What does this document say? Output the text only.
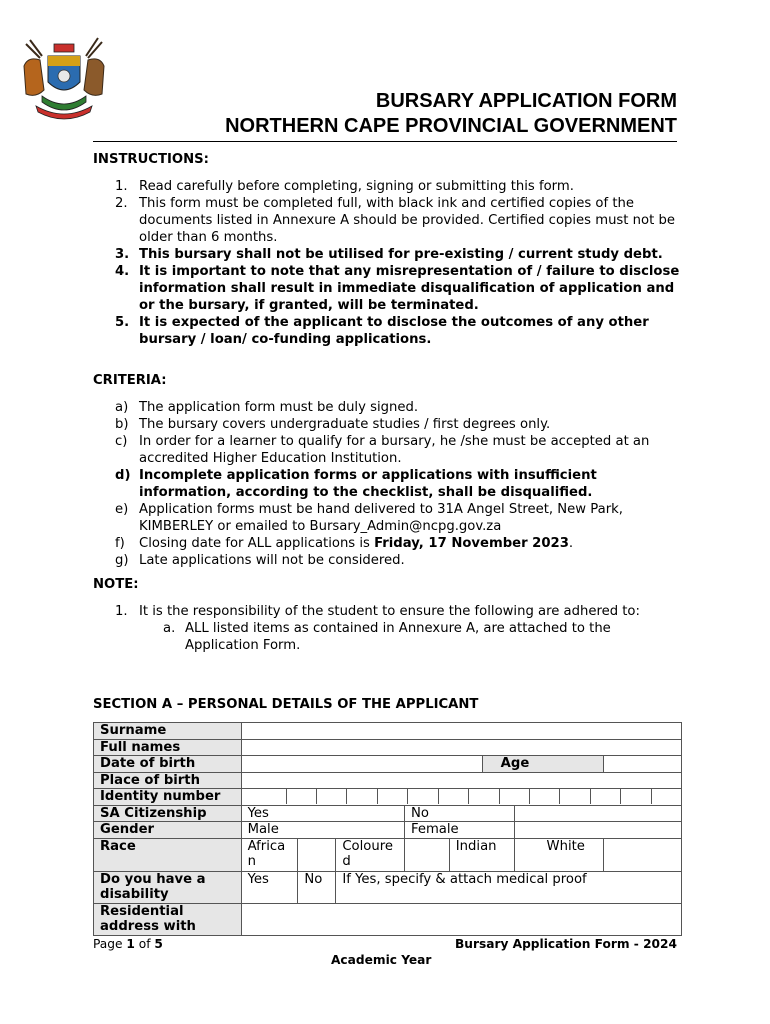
BURSARY APPLICATION FORM
NORTHERN CAPE PROVINCIAL GOVERNMENT
INSTRUCTIONS:
1. Read carefully before completing, signing or submitting this form.
2. This form must be completed full, with black ink and certified copies of the documents listed in Annexure A should be provided. Certified copies must not be older than 6 months.
3. This bursary shall not be utilised for pre-existing / current study debt.
4. It is important to note that any misrepresentation of / failure to disclose information shall result in immediate disqualification of application and or the bursary, if granted, will be terminated.
5. It is expected of the applicant to disclose the outcomes of any other bursary / loan/ co-funding applications.
CRITERIA:
a) The application form must be duly signed.
b) The bursary covers undergraduate studies / first degrees only.
c) In order for a learner to qualify for a bursary, he /she must be accepted at an accredited Higher Education Institution.
d) Incomplete application forms or applications with insufficient information, according to the checklist, shall be disqualified.
e) Application forms must be hand delivered to 31A Angel Street, New Park, KIMBERLEY or emailed to Bursary_Admin@ncpg.gov.za
f) Closing date for ALL applications is Friday, 17 November 2023.
g) Late applications will not be considered.
NOTE:
1. It is the responsibility of the student to ensure the following are adhered to:
a. ALL listed items as contained in Annexure A, are attached to the Application Form.
SECTION A – PERSONAL DETAILS OF THE APPLICANT
Surname								
Full names								
Date of birth						Age		
Place of birth								
Identity number								

SA Citizenship	Yes			No				
Gender	Male			Female				
Race	African		Coloured		Indian		White	
Do you have a disability	Yes	No	If Yes, specify & attach medical proof					
Residential address with								
Page 1 of 5	Bursary Application Form - 2024
Academic Year
